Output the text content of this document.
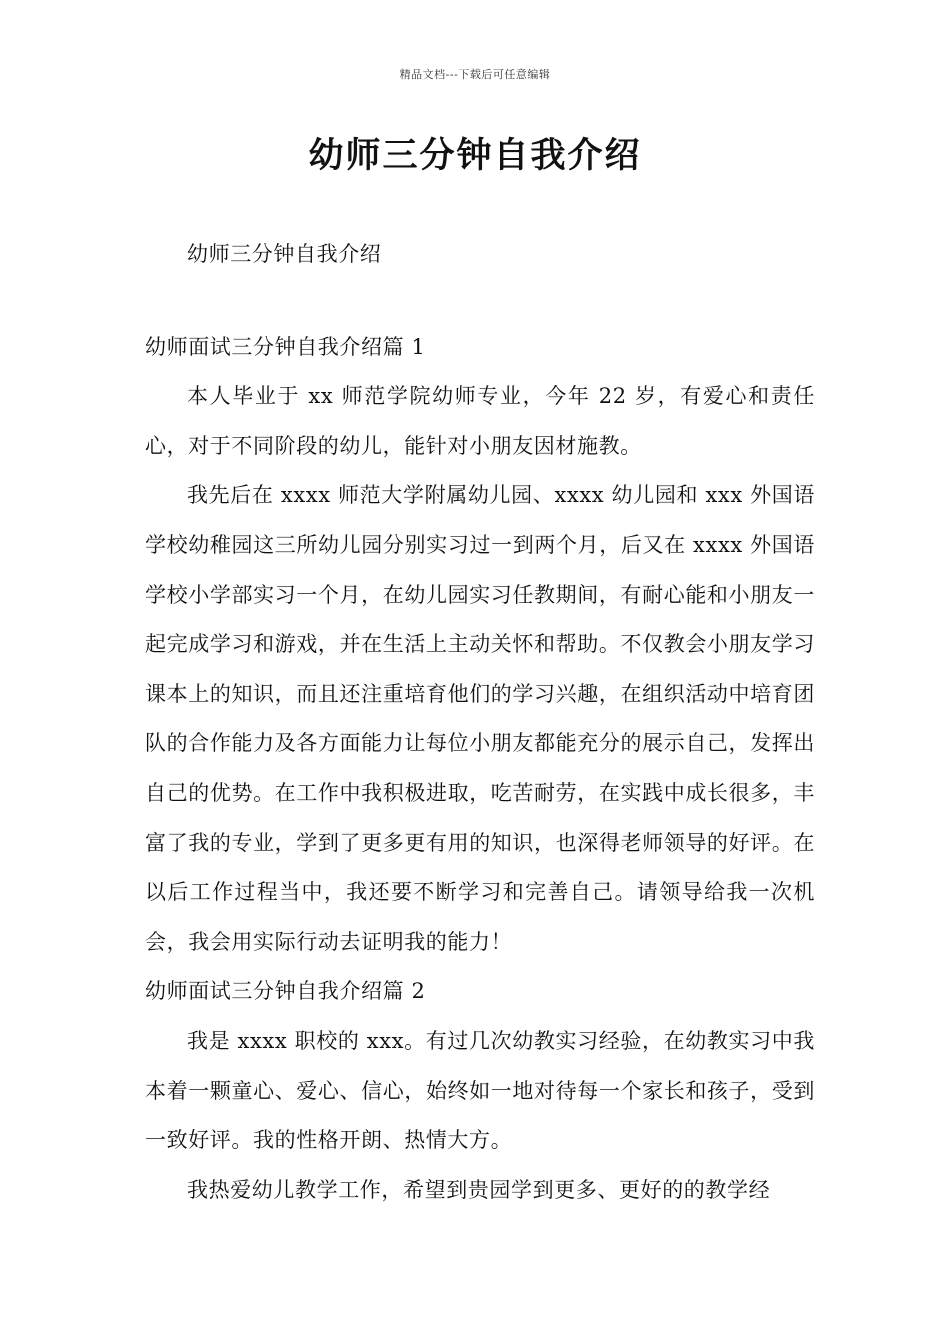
精品文档---下载后可任意编辑
幼师三分钟自我介绍

幼师三分钟自我介绍

幼师面试三分钟自我介绍篇 1

本人毕业于 xx 师范学院幼师专业，今年 22 岁，有爱心和责任心，对于不同阶段的幼儿，能针对小朋友因材施教。

我先后在 xxxx 师范大学附属幼儿园、xxxx 幼儿园和 xxx 外国语学校幼稚园这三所幼儿园分别实习过一到两个月，后又在 xxxx 外国语学校小学部实习一个月，在幼儿园实习任教期间，有耐心能和小朋友一起完成学习和游戏，并在生活上主动关怀和帮助。不仅教会小朋友学习课本上的知识，而且还注重培育他们的学习兴趣，在组织活动中培育团队的合作能力及各方面能力让每位小朋友都能充分的展示自己，发挥出自己的优势。在工作中我积极进取，吃苦耐劳，在实践中成长很多，丰富了我的专业，学到了更多更有用的知识，也深得老师领导的好评。在以后工作过程当中，我还要不断学习和完善自己。请领导给我一次机会，我会用实际行动去证明我的能力！

幼师面试三分钟自我介绍篇 2

我是 xxxx 职校的 xxx。有过几次幼教实习经验，在幼教实习中我本着一颗童心、爱心、信心，始终如一地对待每一个家长和孩子，受到一致好评。我的性格开朗、热情大方。

我热爱幼儿教学工作，希望到贵园学到更多、更好的的教学经
